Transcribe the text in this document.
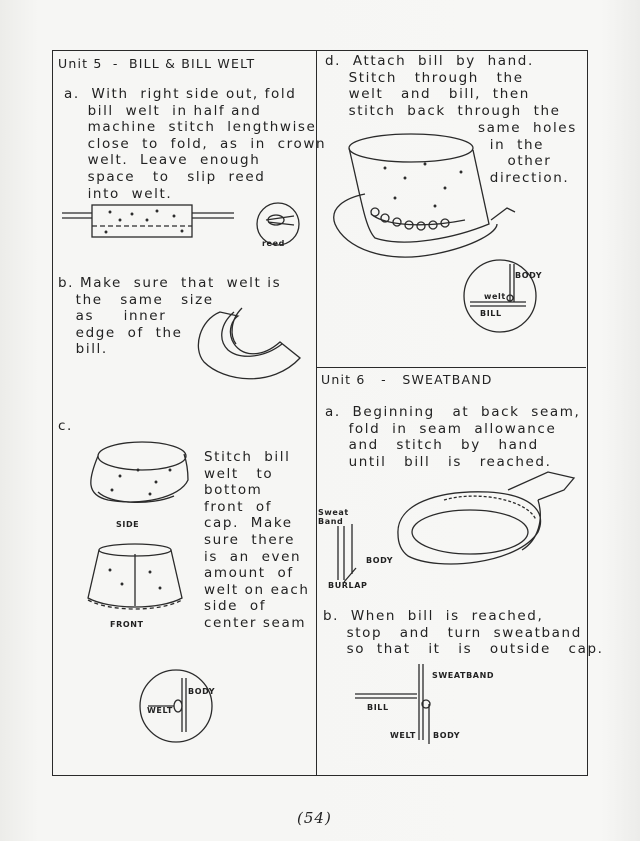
Unit 5  -  BILL & BILL WELT
a.  With  right side out, fold
bill  welt  in half and
machine  stitch  lengthwise
close  to  fold,  as  in  crown
welt.  Leave  enough
space   to   slip  reed
into  welt.
reed
b. Make  sure  that  welt is
the   same   size
as     inner
edge  of  the
bill.
c.
SIDE
FRONT
Stitch  bill
welt   to
bottom
front  of
cap.  Make
sure  there
is  an  even
amount  of
welt on each
side  of
center seam
BODY
WELT
d.  Attach  bill  by  hand.
Stitch   through   the
welt   and   bill,  then
stitch  back  through  the
same  holes
in  the
other
direction.
BODY
welt
BILL
Unit 6   -   SWEATBAND
a.  Beginning   at  back  seam,
fold  in  seam  allowance
and   stitch   by   hand
until   bill   is   reached.
Sweat
Band
BODY
BURLAP
b.  When  bill  is  reached,
stop   and   turn  sweatband
so  that   it   is   outside   cap.
SWEATBAND
BILL
WELT BODY
(54)
